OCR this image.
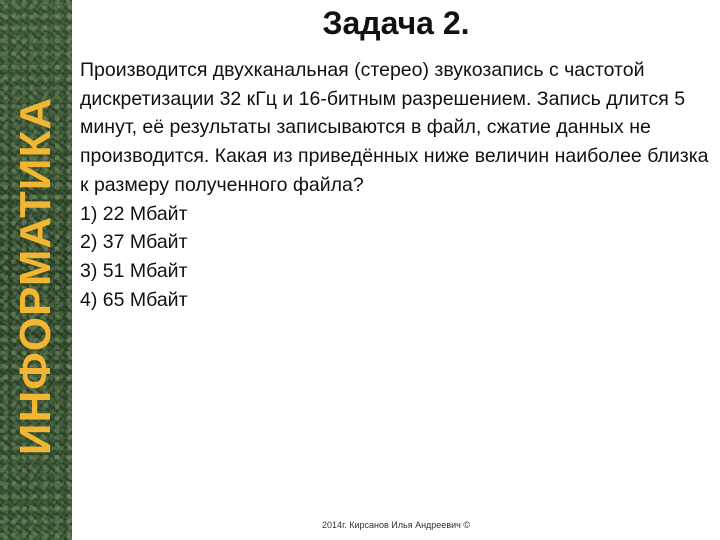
ИНФОРМАТИКА
Задача 2.

Производится двухканальная (стерео) звукозапись с частотой дискретизации 32 кГц и 16-битным разрешением. Запись длится 5 минут, её результаты записываются в файл, сжатие данных не производится. Какая из приведённых ниже величин наиболее близка к размеру полученного файла?

1) 22 Мбайт
2) 37 Мбайт
3) 51 Мбайт
4) 65 Мбайт
2014г. Кирсанов Илья Андреевич ©
